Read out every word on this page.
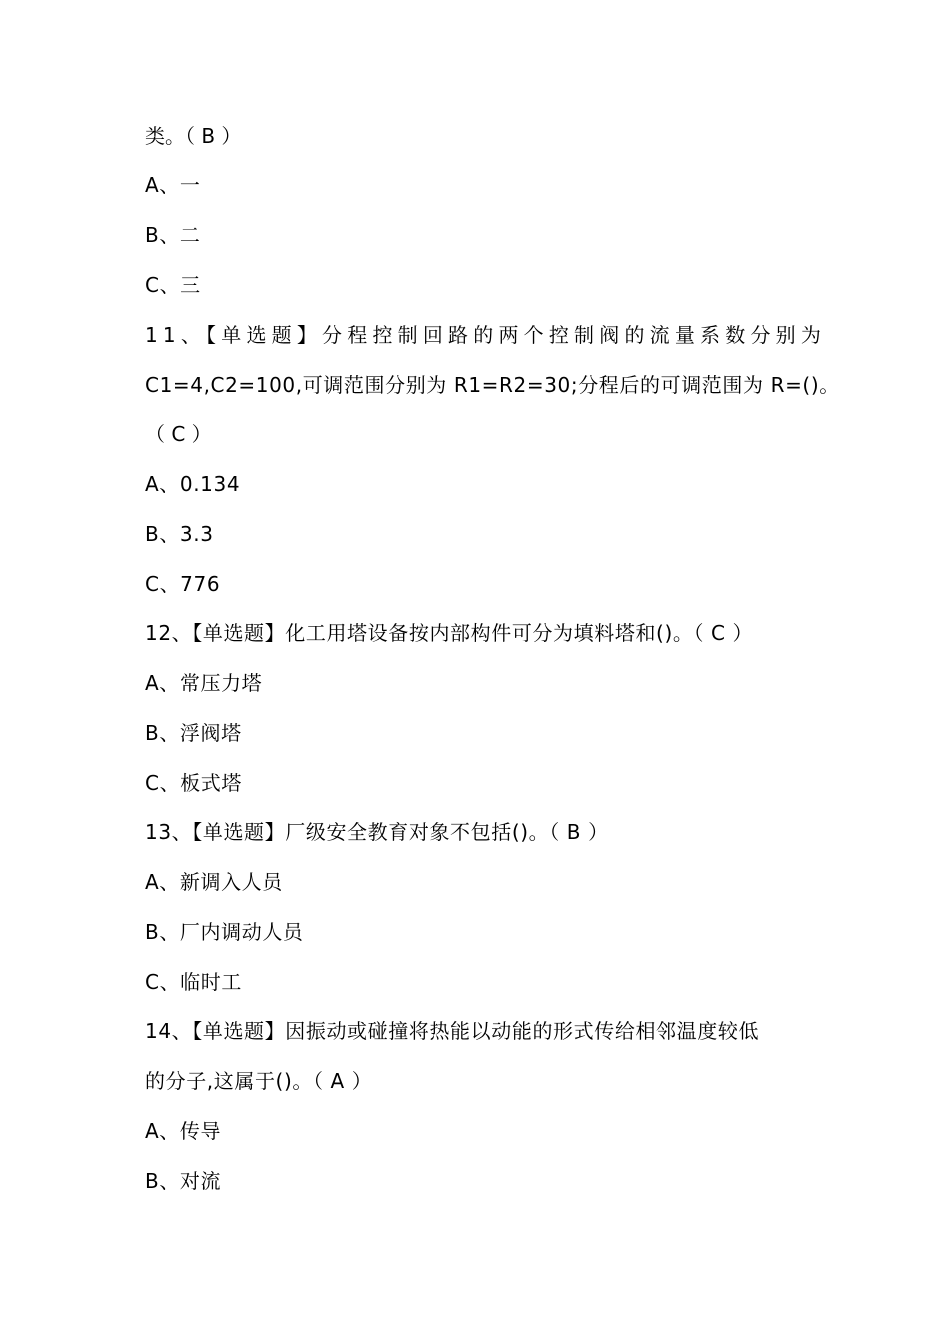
类。（ B ）
A、一
B、二
C、三
11、【单选题】分程控制回路的两个控制阀的流量系数分别为
C1=4,C2=100,可调范围分别为 R1=R2=30;分程后的可调范围为 R=()。
（ C ）
A、0.134
B、3.3
C、776
12、【单选题】化工用塔设备按内部构件可分为填料塔和()。（ C ）
A、常压力塔
B、浮阀塔
C、板式塔
13、【单选题】厂级安全教育对象不包括()。（ B ）
A、新调入人员
B、厂内调动人员
C、临时工
14、【单选题】因振动或碰撞将热能以动能的形式传给相邻温度较低
的分子,这属于()。（ A ）
A、传导
B、对流
